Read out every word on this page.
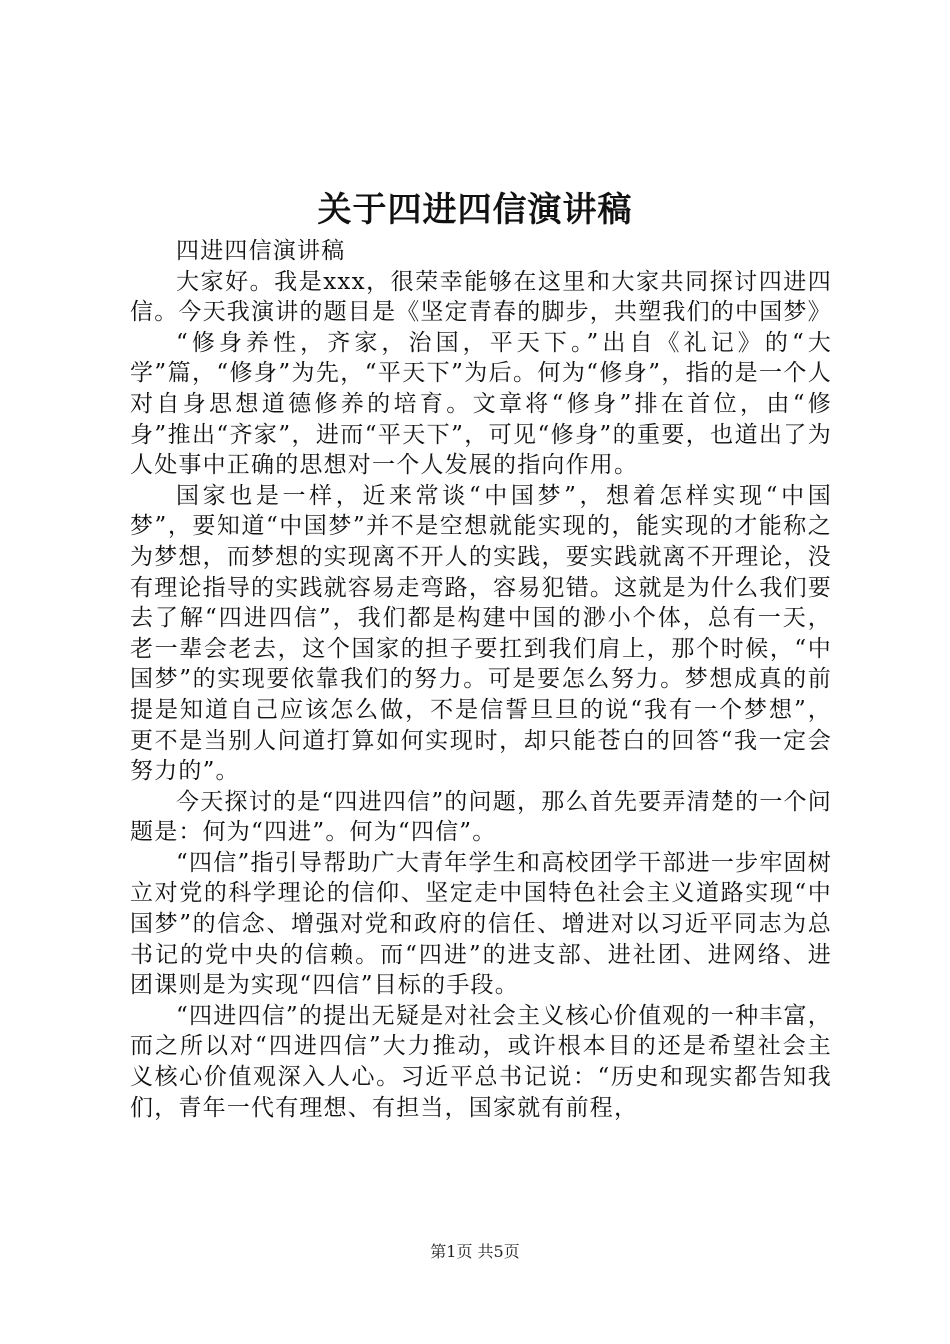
关于四进四信演讲稿

四进四信演讲稿

大家好。我是xxx，很荣幸能够在这里和大家共同探讨四进四信。今天我演讲的题目是《坚定青春的脚步，共塑我们的中国梦》

“修身养性，齐家，治国，平天下。”出自《礼记》的“大学”篇，“修身”为先，“平天下”为后。何为“修身”，指的是一个人对自身思想道德修养的培育。文章将“修身”排在首位，由“修身”推出“齐家”，进而“平天下”，可见“修身”的重要，也道出了为人处事中正确的思想对一个人发展的指向作用。

国家也是一样，近来常谈“中国梦”，想着怎样实现“中国梦”，要知道“中国梦”并不是空想就能实现的，能实现的才能称之为梦想，而梦想的实现离不开人的实践，要实践就离不开理论，没有理论指导的实践就容易走弯路，容易犯错。这就是为什么我们要去了解“四进四信”，我们都是构建中国的渺小个体，总有一天，老一辈会老去，这个国家的担子要扛到我们肩上，那个时候，“中国梦”的实现要依靠我们的努力。可是要怎么努力。梦想成真的前提是知道自己应该怎么做，不是信誓旦旦的说“我有一个梦想”，更不是当别人问道打算如何实现时，却只能苍白的回答“我一定会努力的”。

今天探讨的是“四进四信”的问题，那么首先要弄清楚的一个问题是：何为“四进”。何为“四信”。

“四信”指引导帮助广大青年学生和高校团学干部进一步牢固树立对党的科学理论的信仰、坚定走中国特色社会主义道路实现“中国梦”的信念、增强对党和政府的信任、增进对以习近平同志为总书记的党中央的信赖。而“四进”的进支部、进社团、进网络、进团课则是为实现“四信”目标的手段。

“四进四信”的提出无疑是对社会主义核心价值观的一种丰富，而之所以对“四进四信”大力推动，或许根本目的还是希望社会主义核心价值观深入人心。习近平总书记说：“历史和现实都告知我们，青年一代有理想、有担当，国家就有前程，

第1页 共5页
